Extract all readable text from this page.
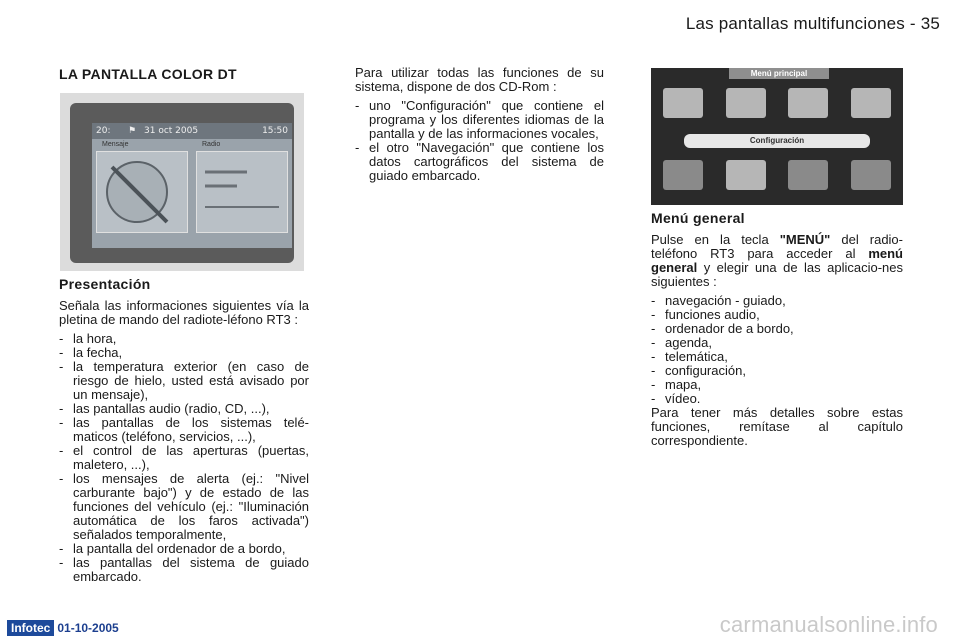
Las pantallas multifunciones - 35
LA PANTALLA COLOR DT
20: ⚑ 31 oct 2005	15:50
Mensaje	Radio
Presentación

Señala las informaciones siguientes vía la pletina de mando del radiote-léfono RT3 :

- la hora,
- la fecha,
- la temperatura exterior (en caso de riesgo de hielo, usted está avisado por un mensaje),
- las pantallas audio (radio, CD, ...),
- las pantallas de los sistemas telé-maticos (teléfono, servicios, ...),
- el control de las aperturas (puertas, maletero, ...),
- los mensajes de alerta (ej.: "Nivel carburante bajo") y de estado de las funciones del vehículo (ej.: "Iluminación automática de los faros activada") señalados temporalmente,
- la pantalla del ordenador de a bordo,
- las pantallas del sistema de guiado embarcado.

Para utilizar todas las funciones de su sistema, dispone de dos CD-Rom :

- uno "Configuración" que contiene el programa y los diferentes idiomas de la pantalla y de las informaciones vocales,
- el otro "Navegación" que contiene los datos cartográficos del sistema de guiado embarcado.
Menú principal
Configuración
Menú general

Pulse en la tecla "MENÚ" del radio-teléfono RT3 para acceder al menú general y elegir una de las aplicacio-nes siguientes :

- navegación - guiado,
- funciones audio,
- ordenador de a bordo,
- agenda,
- telemática,
- configuración,
- mapa,
- vídeo.

Para tener más detalles sobre estas funciones, remítase al capítulo correspondiente.

Infotec 01-10-2005	carmanualsonline.info
